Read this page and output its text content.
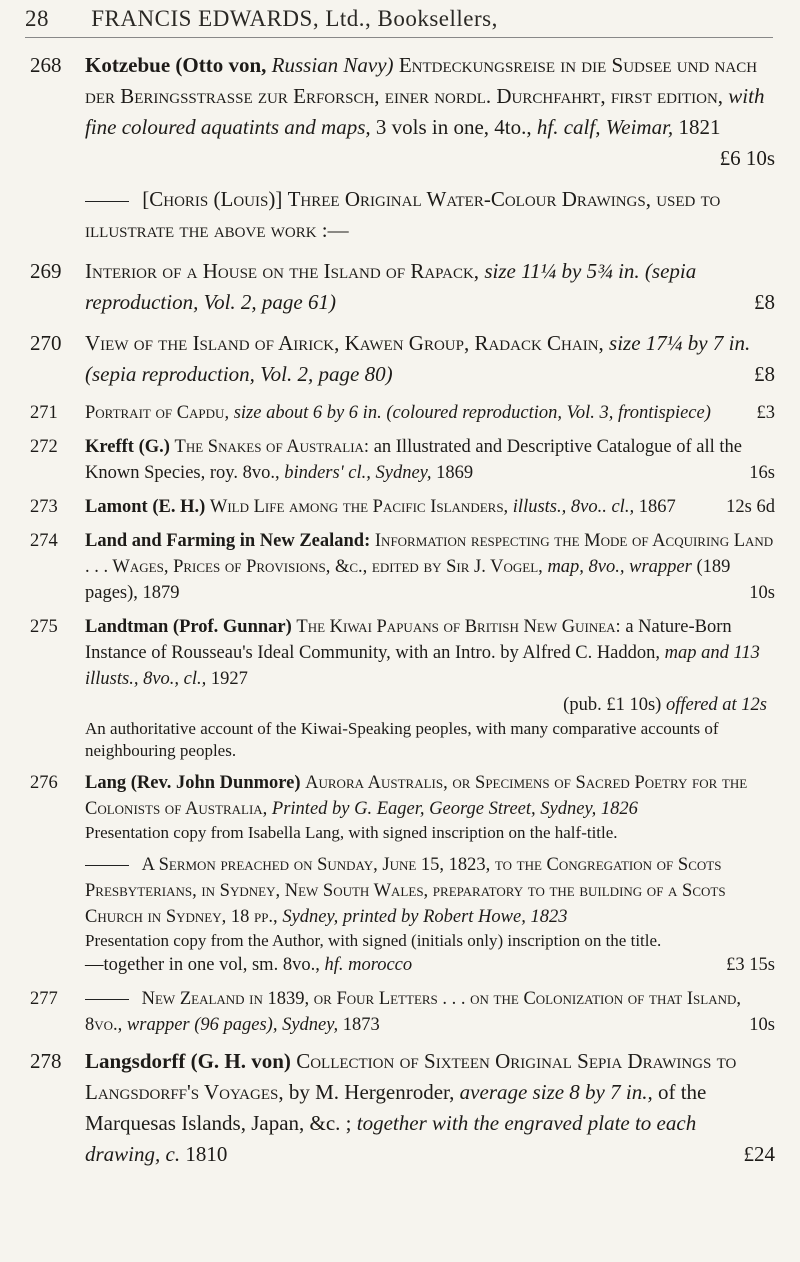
28 FRANCIS EDWARDS, Ltd., Booksellers,
268 Kotzebue (Otto von, Russian Navy) Entdeckungsreise in die Sudsee und nach der Beringsstrasse zur Erforsch, einer nordl. Durchfahrt, first edition, with fine coloured aquatints and maps, 3 vols in one, 4to., hf. calf, Weimar, 1821
£6 10s
[Choris (Louis)] Three Original Water-Colour Drawings, used to illustrate the above work :—
269 Interior of a House on the Island of Rapack, size 11¼ by 5¾ in. (sepia reproduction, Vol. 2, page 61)	£8
270 View of the Island of Airick, Kawen Group, Radack Chain, size 17¼ by 7 in. (sepia reproduction, Vol. 2, page 80)	£8
271 Portrait of Capdu, size about 6 by 6 in. (coloured reproduction, Vol. 3, frontispiece) £3
272 Krefft (G.) The Snakes of Australia: an Illustrated and Descriptive Catalogue of all the Known Species, roy. 8vo., binders' cl., Sydney, 1869	16s
273 Lamont (E. H.) Wild Life among the Pacific Islanders, illusts., 8vo.. cl., 1867	12s 6d
274 Land and Farming in New Zealand: Information respecting the Mode of Acquiring Land . . . Wages, Prices of Provisions, &c., edited by Sir J. Vogel, map, 8vo., wrapper (189 pages), 1879	10s
275 Landtman (Prof. Gunnar) The Kiwai Papuans of British New Guinea: a Nature-Born Instance of Rousseau's Ideal Community, with an Intro. by Alfred C. Haddon, map and 113 illusts., 8vo., cl., 1927
(pub. £1 10s) offered at 12s
An authoritative account of the Kiwai-Speaking peoples, with many comparative accounts of neighbouring peoples.
276 Lang (Rev. John Dunmore) Aurora Australis, or Specimens of Sacred Poetry for the Colonists of Australia, Printed by G. Eager, George Street, Sydney, 1826
Presentation copy from Isabella Lang, with signed inscription on the half-title.
A Sermon preached on Sunday, June 15, 1823, to the Congregation of Scots Presbyterians, in Sydney, New South Wales, preparatory to the building of a Scots Church in Sydney, 18 pp., Sydney, printed by Robert Howe, 1823
Presentation copy from the Author, with signed (initials only) inscription on the title.
—together in one vol, sm. 8vo., hf. morocco	£3 15s
277	New Zealand in 1839, or Four Letters . . . on the Colonization of that Island, 8vo., wrapper (96 pages), Sydney, 1873	10s
278 Langsdorff (G. H. von) Collection of Sixteen Original Sepia Drawings to Langsdorff's Voyages, by M. Hergenroder, average size 8 by 7 in., of the Marquesas Islands, Japan, &c. ; together with the engraved plate to each drawing, c. 1810	£24
